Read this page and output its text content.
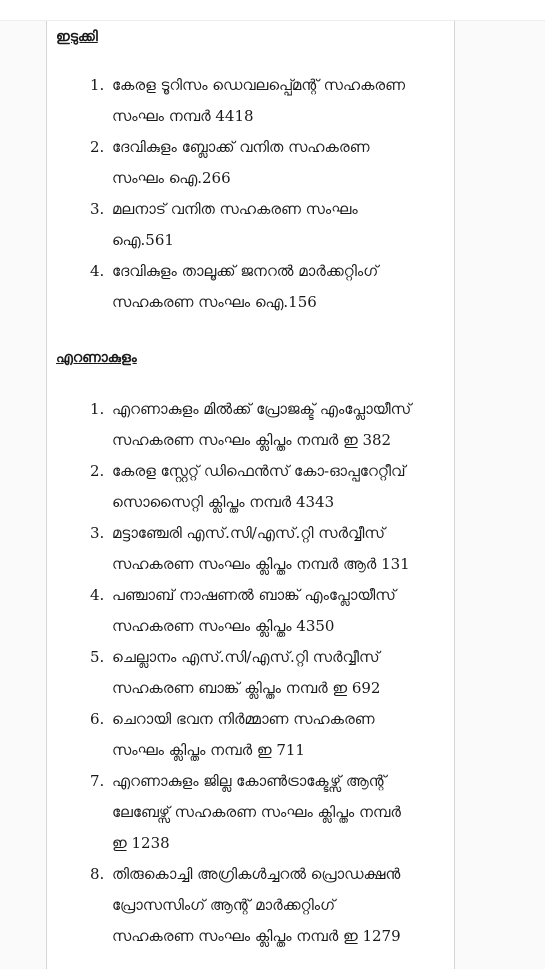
ഇടുക്കി
1. കേരള ടൂറിസം ഡെവലപ്പ്മെന്റ് സഹകരണ
സംഘം നമ്പർ 4418
2. ദേവികുളം ബ്ലോക്ക് വനിത സഹകരണ
സംഘം ഐ.266
3. മലനാട് വനിത സഹകരണ സംഘം
ഐ.561
4. ദേവികുളം താലൂക്ക് ജനറൽ മാർക്കറ്റിംഗ്
സഹകരണ സംഘം ഐ.156
എറണാകുളം
1. എറണാകുളം മിൽക്ക് പ്രോജക്ട് എംപ്ലോയീസ്
സഹകരണ സംഘം ക്ലിപ്തം നമ്പർ ഇ 382
2. കേരള സ്റ്റേറ്റ് ഡിഫെൻസ് കോ-ഓപ്പറേറ്റീവ്
സൊസൈറ്റി ക്ലിപ്തം നമ്പർ 4343
3. മട്ടാഞ്ചേരി എസ്.സി/എസ്.റ്റി സർവ്വീസ്
സഹകരണ സംഘം ക്ലിപ്തം നമ്പർ ആർ 131
4. പഞ്ചാബ് നാഷണൽ ബാങ്ക് എംപ്ലോയീസ്
സഹകരണ സംഘം ക്ലിപ്തം 4350
5. ചെല്ലാനം എസ്.സി/എസ്.റ്റി സർവ്വീസ്
സഹകരണ ബാങ്ക് ക്ലിപ്തം നമ്പർ ഇ 692
6. ചെറായി ഭവന നിർമ്മാണ സഹകരണ
സംഘം ക്ലിപ്തം നമ്പർ ഇ 711
7. എറണാകുളം ജില്ല കോൺട്രാക്ടേഴ്സ് ആന്റ്
ലേബേഴ്സ് സഹകരണ സംഘം ക്ലിപ്തം നമ്പർ
ഇ 1238
8. തിരുകൊച്ചി അഗ്രികൾച്ചറൽ പ്രൊഡക്ഷൻ
പ്രോസസിംഗ് ആന്റ് മാർക്കറ്റിംഗ്
സഹകരണ സംഘം ക്ലിപ്തം നമ്പർ ഇ 1279
